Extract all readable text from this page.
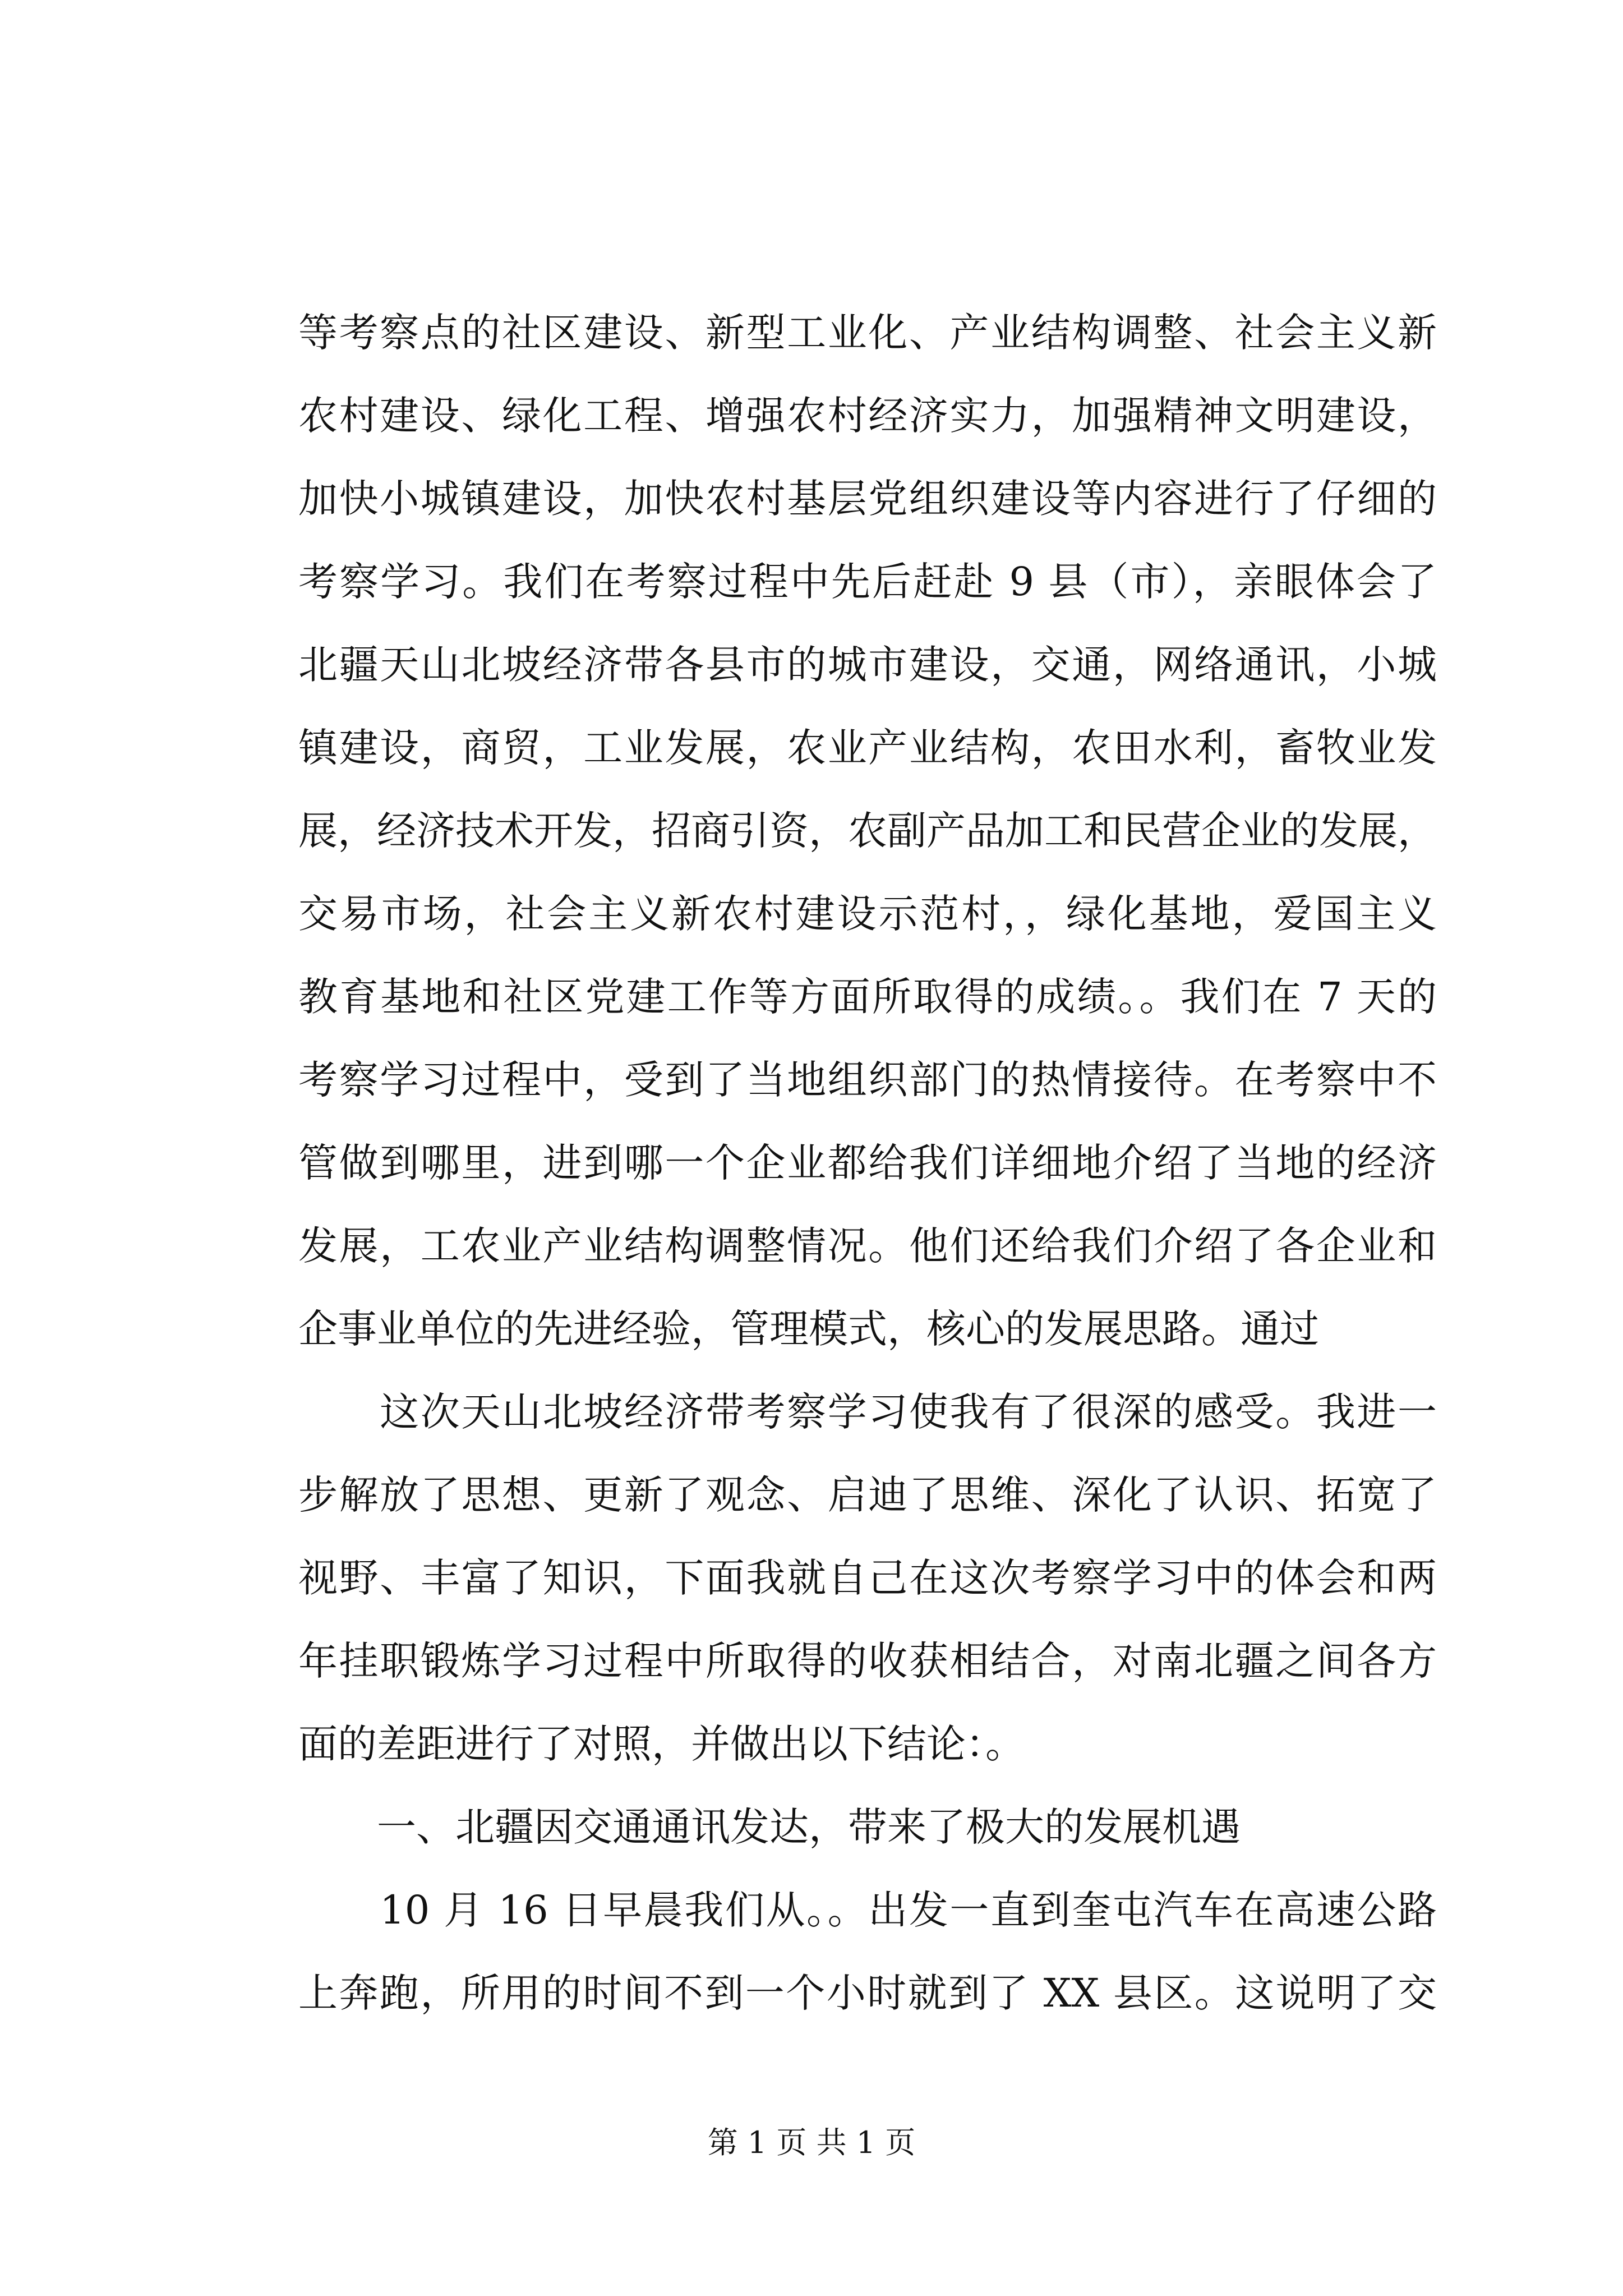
等考察点的社区建设、新型工业化、产业结构调整、社会主义新
农村建设、绿化工程、增强农村经济实力，加强精神文明建设，
加快小城镇建设，加快农村基层党组织建设等内容进行了仔细的
考察学习。我们在考察过程中先后赶赴 9 县（市），亲眼体会了
北疆天山北坡经济带各县市的城市建设，交通，网络通讯，小城
镇建设，商贸，工业发展，农业产业结构，农田水利，畜牧业发
展，经济技术开发，招商引资，农副产品加工和民营企业的发展，
交易市场，社会主义新农村建设示范村，，绿化基地，爱国主义
教育基地和社区党建工作等方面所取得的成绩。。我们在 7 天的
考察学习过程中，受到了当地组织部门的热情接待。在考察中不
管做到哪里，进到哪一个企业都给我们详细地介绍了当地的经济
发展，工农业产业结构调整情况。他们还给我们介绍了各企业和
企事业单位的先进经验，管理模式，核心的发展思路。通过
　　这次天山北坡经济带考察学习使我有了很深的感受。我进一
步解放了思想、更新了观念、启迪了思维、深化了认识、拓宽了
视野、丰富了知识，下面我就自己在这次考察学习中的体会和两
年挂职锻炼学习过程中所取得的收获相结合，对南北疆之间各方
面的差距进行了对照，并做出以下结论：。
　　一、北疆因交通通讯发达，带来了极大的发展机遇
　　10 月 16 日早晨我们从。。出发一直到奎屯汽车在高速公路
上奔跑，所用的时间不到一个小时就到了 XX 县区。这说明了交
第 1 页 共 1 页
